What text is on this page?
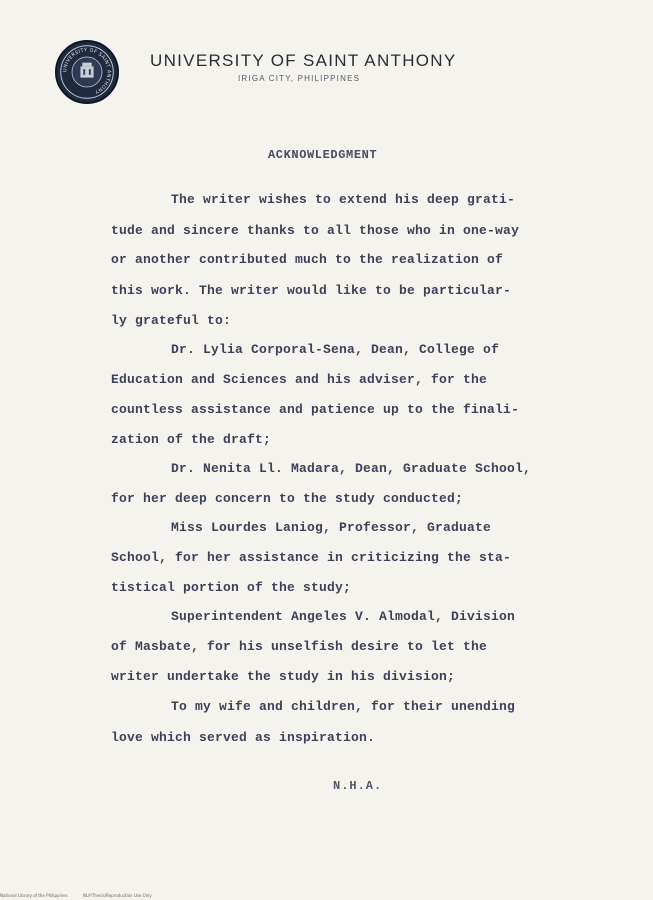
UNIVERSITY OF SAINT ANTHONY
UNIVERSITY OF SAINT ANTHONY
IRIGA CITY, PHILIPPINES
ACKNOWLEDGMENT
The writer wishes to extend his deep grati-
tude and sincere thanks to all those who in one-way
or another contributed much to the realization of
this work. The writer would like to be particular-
ly grateful to:
Dr. Lylia Corporal-Sena, Dean, College of
Education and Sciences and his adviser, for the
countless assistance and patience up to the finali-
zation of the draft;
Dr. Nenita Ll. Madara, Dean, Graduate School,
for her deep concern to the study conducted;
Miss Lourdes Laniog, Professor, Graduate
School, for her assistance in criticizing the sta-
tistical portion of the study;
Superintendent Angeles V. Almodal, Division
of Masbate, for his unselfish desire to let the
writer undertake the study in his division;
To my wife and children, for their unending
love which served as inspiration.
N.H.A.
National Library of the Philippines	NLP/Thesis/Reproduction Use Only
